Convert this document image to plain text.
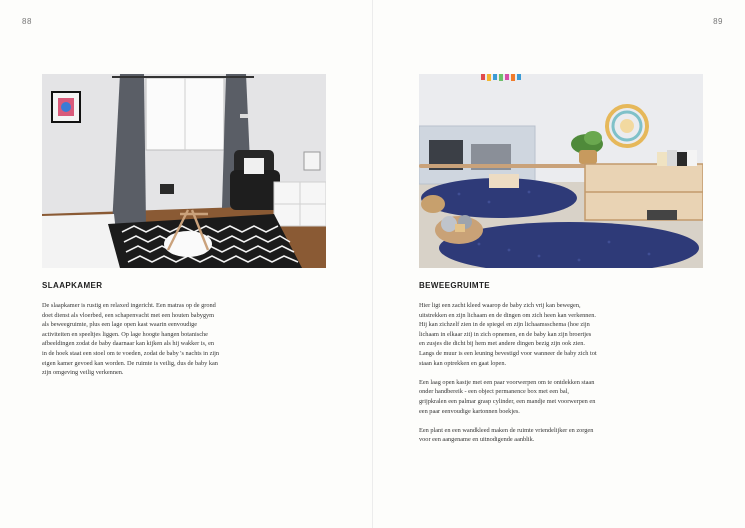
88
SLAAPKAMER

De slaapkamer is rustig en relaxed ingericht. Een matras op de grond doet dienst als vloerbed, een schapenvacht met een houten babygym als beweegruimte, plus een lage open kast waarin eenvoudige activiteiten en speeltjes liggen. Op lage hoogte hangen botanische afbeeldingen zodat de baby daarnaar kan kijken als hij wakker is, en in de hoek staat een stoel om te voeden, zodat de baby 's nachts in zijn eigen kamer gevoed kan worden. De ruimte is veilig, dus de baby kan zijn omgeving veilig verkennen.

89
BEWEEGRUIMTE

Hier ligt een zacht kleed waarop de baby zich vrij kan bewegen, uitstrekken en zijn lichaam en de dingen om zich heen kan verkennen. Hij kan zichzelf zien in de spiegel en zijn lichaamsschema (hoe zijn lichaam in elkaar zit) in zich opnemen, en de baby kan zijn broertjes en zusjes die dicht bij hem met andere dingen bezig zijn ook zien. Langs de muur is een leuning bevestigd voor wanneer de baby zich tot staan kan optrekken en gaat lopen.

Een laag open kastje met een paar voorwerpen om te ontdekken staan onder handbereik - een object permanence box met een bal, grijpkralen een palmar grasp cylinder, een mandje met voorwerpen en een paar eenvoudige kartonnen boekjes.

Een plant en een wandkleed maken de ruimte vriendelijker en zorgen voor een aangename en uitnodigende aanblik.
